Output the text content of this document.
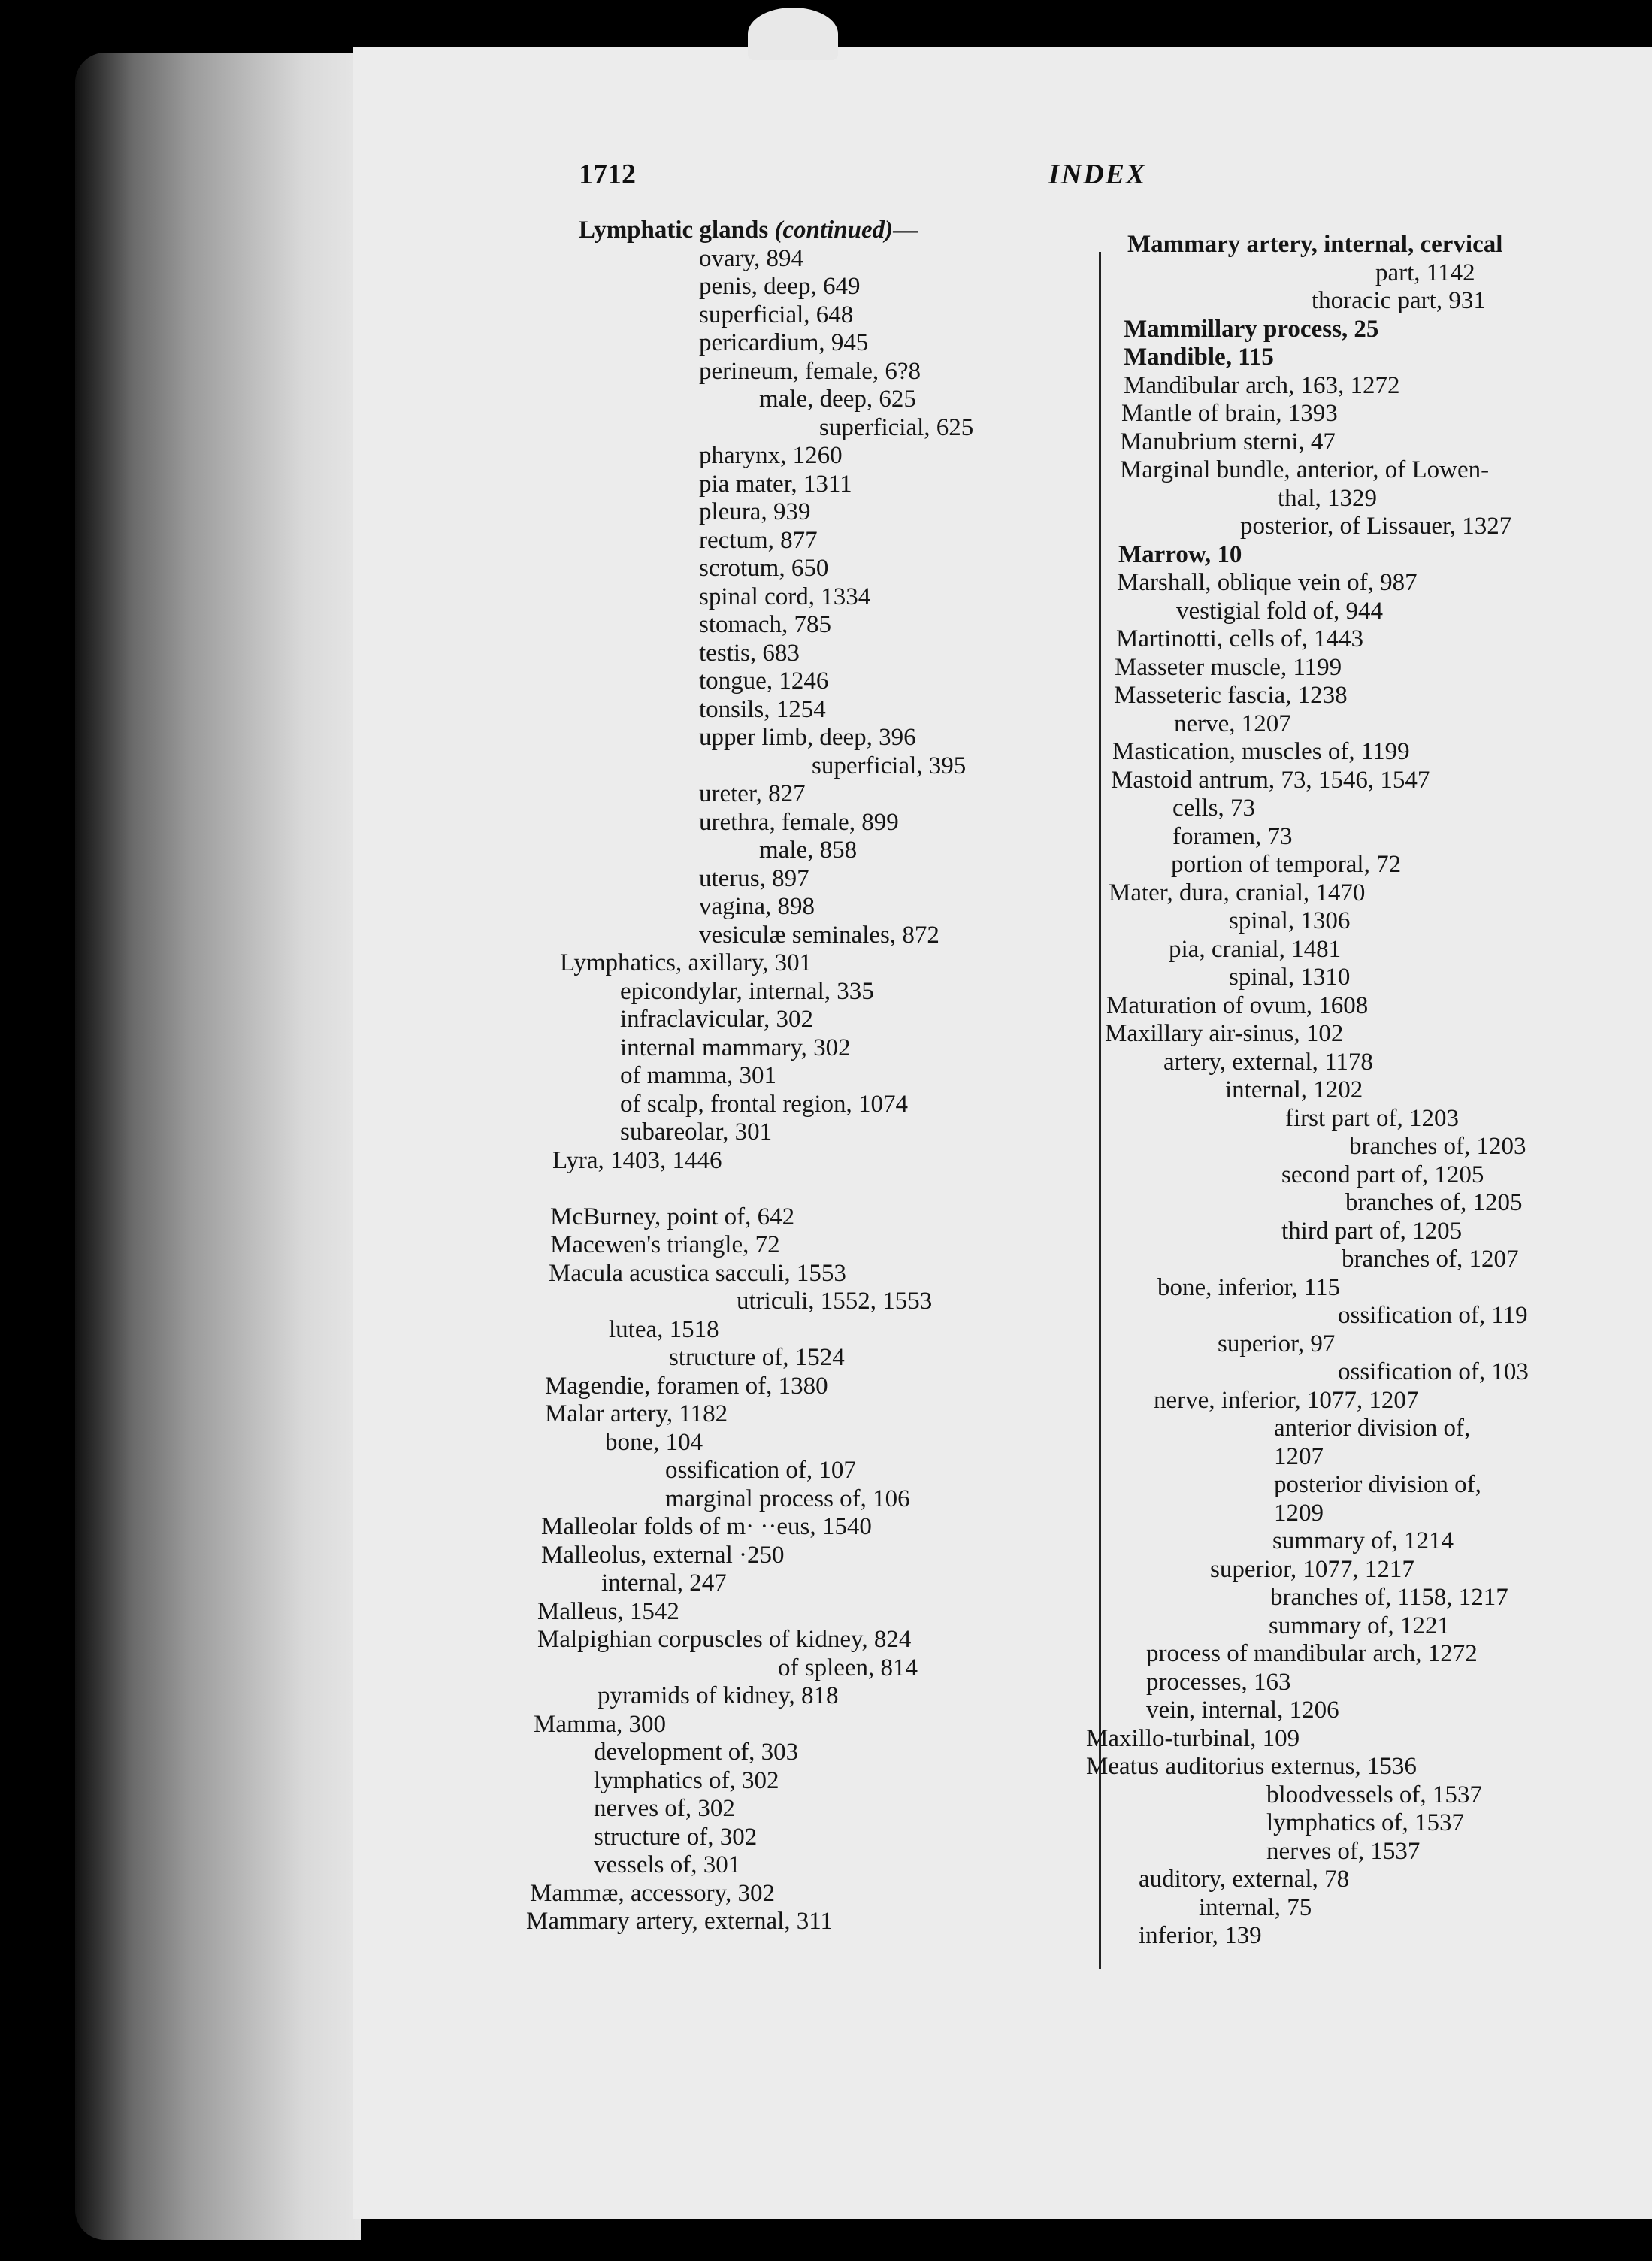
1712	INDEX
Lymphatic glands (continued)—
ovary, 894
penis, deep, 649
superficial, 648
pericardium, 945
perineum, female, 6?8
male, deep, 625
superficial, 625
pharynx, 1260
pia mater, 1311
pleura, 939
rectum, 877
scrotum, 650
spinal cord, 1334
stomach, 785
testis, 683
tongue, 1246
tonsils, 1254
upper limb, deep, 396
superficial, 395
ureter, 827
urethra, female, 899
male, 858
uterus, 897
vagina, 898
vesiculæ seminales, 872
Lymphatics, axillary, 301
epicondylar, internal, 335
infraclavicular, 302
internal mammary, 302
of mamma, 301
of scalp, frontal region, 1074
subareolar, 301
Lyra, 1403, 1446
McBurney, point of, 642
Macewen's triangle, 72
Macula acustica sacculi, 1553
utriculi, 1552, 1553
lutea, 1518
structure of, 1524
Magendie, foramen of, 1380
Malar artery, 1182
bone, 104
ossification of, 107
marginal process of, 106
Malleolar folds of m· ··eus, 1540
Malleolus, external ·250
internal, 247
Malleus, 1542
Malpighian corpuscles of kidney, 824
of spleen, 814
pyramids of kidney, 818
Mamma, 300
development of, 303
lymphatics of, 302
nerves of, 302
structure of, 302
vessels of, 301
Mammæ, accessory, 302
Mammary artery, external, 311
Mammary artery, internal, cervical
part, 1142
thoracic part, 931
Mammillary process, 25
Mandible, 115
Mandibular arch, 163, 1272
Mantle of brain, 1393
Manubrium sterni, 47
Marginal bundle, anterior, of Lowen-
thal, 1329
posterior, of Lissauer, 1327
Marrow, 10
Marshall, oblique vein of, 987
vestigial fold of, 944
Martinotti, cells of, 1443
Masseter muscle, 1199
Masseteric fascia, 1238
nerve, 1207
Mastication, muscles of, 1199
Mastoid antrum, 73, 1546, 1547
cells, 73
foramen, 73
portion of temporal, 72
Mater, dura, cranial, 1470
spinal, 1306
pia, cranial, 1481
spinal, 1310
Maturation of ovum, 1608
Maxillary air-sinus, 102
artery, external, 1178
internal, 1202
first part of, 1203
branches of, 1203
second part of, 1205
branches of, 1205
third part of, 1205
branches of, 1207
bone, inferior, 115
ossification of, 119
superior, 97
ossification of, 103
nerve, inferior, 1077, 1207
anterior division of,
1207
posterior division of,
1209
summary of, 1214
superior, 1077, 1217
branches of, 1158, 1217
summary of, 1221
process of mandibular arch, 1272
processes, 163
vein, internal, 1206
Maxillo-turbinal, 109
Meatus auditorius externus, 1536
bloodvessels of, 1537
lymphatics of, 1537
nerves of, 1537
auditory, external, 78
internal, 75
inferior, 139
